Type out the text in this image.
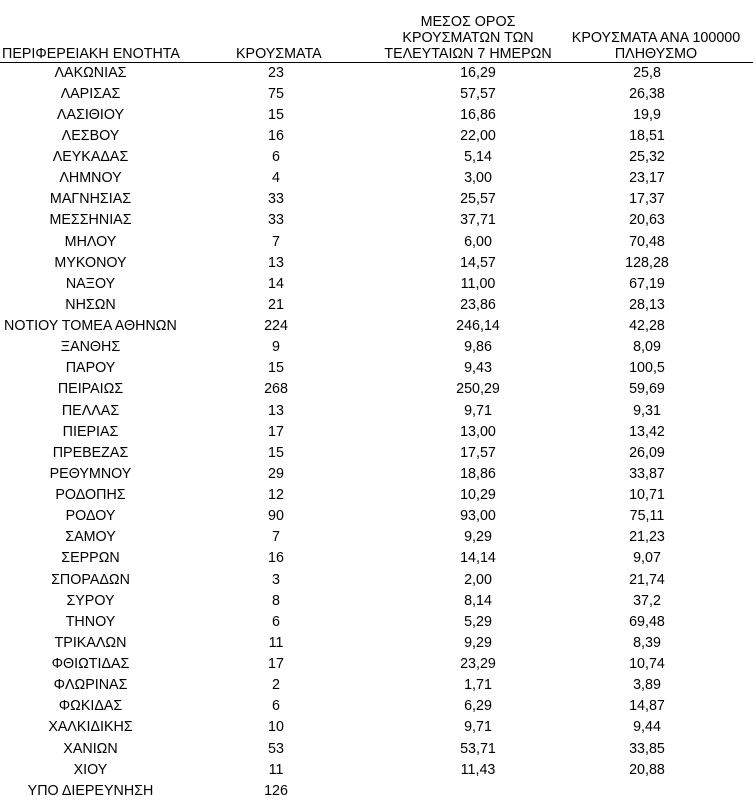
ΠΕΡΙΦΕΡΕΙΑΚΗ ΕΝΟΤΗΤΑ	ΚΡΟΥΣΜΑΤΑ	ΜΕΣΟΣ ΟΡΟΣ
ΚΡΟΥΣΜΑΤΩΝ ΤΩΝ
ΤΕΛΕΥΤΑΙΩΝ 7 ΗΜΕΡΩΝ	ΚΡΟΥΣΜΑΤΑ ΑΝΑ 100000
ΠΛΗΘΥΣΜΟ

ΛΑΚΩΝΙΑΣ	23	16,29	25,8
ΛΑΡΙΣΑΣ	75	57,57	26,38
ΛΑΣΙΘΙΟΥ	15	16,86	19,9
ΛΕΣΒΟΥ	16	22,00	18,51
ΛΕΥΚΑΔΑΣ	6	5,14	25,32
ΛΗΜΝΟΥ	4	3,00	23,17
ΜΑΓΝΗΣΙΑΣ	33	25,57	17,37
ΜΕΣΣΗΝΙΑΣ	33	37,71	20,63
ΜΗΛΟΥ	7	6,00	70,48
ΜΥΚΟΝΟΥ	13	14,57	128,28
ΝΑΞΟΥ	14	11,00	67,19
ΝΗΣΩΝ	21	23,86	28,13
ΝΟΤΙΟΥ ΤΟΜΕΑ ΑΘΗΝΩΝ	224	246,14	42,28
ΞΑΝΘΗΣ	9	9,86	8,09
ΠΑΡΟΥ	15	9,43	100,5
ΠΕΙΡΑΙΩΣ	268	250,29	59,69
ΠΕΛΛΑΣ	13	9,71	9,31
ΠΙΕΡΙΑΣ	17	13,00	13,42
ΠΡΕΒΕΖΑΣ	15	17,57	26,09
ΡΕΘΥΜΝΟΥ	29	18,86	33,87
ΡΟΔΟΠΗΣ	12	10,29	10,71
ΡΟΔΟΥ	90	93,00	75,11
ΣΑΜΟΥ	7	9,29	21,23
ΣΕΡΡΩΝ	16	14,14	9,07
ΣΠΟΡΑΔΩΝ	3	2,00	21,74
ΣΥΡΟΥ	8	8,14	37,2
ΤΗΝΟΥ	6	5,29	69,48
ΤΡΙΚΑΛΩΝ	11	9,29	8,39
ΦΘΙΩΤΙΔΑΣ	17	23,29	10,74
ΦΛΩΡΙΝΑΣ	2	1,71	3,89
ΦΩΚΙΔΑΣ	6	6,29	14,87
ΧΑΛΚΙΔΙΚΗΣ	10	9,71	9,44
ΧΑΝΙΩΝ	53	53,71	33,85
ΧΙΟΥ	11	11,43	20,88
ΥΠΟ ΔΙΕΡΕΥΝΗΣΗ	126		
